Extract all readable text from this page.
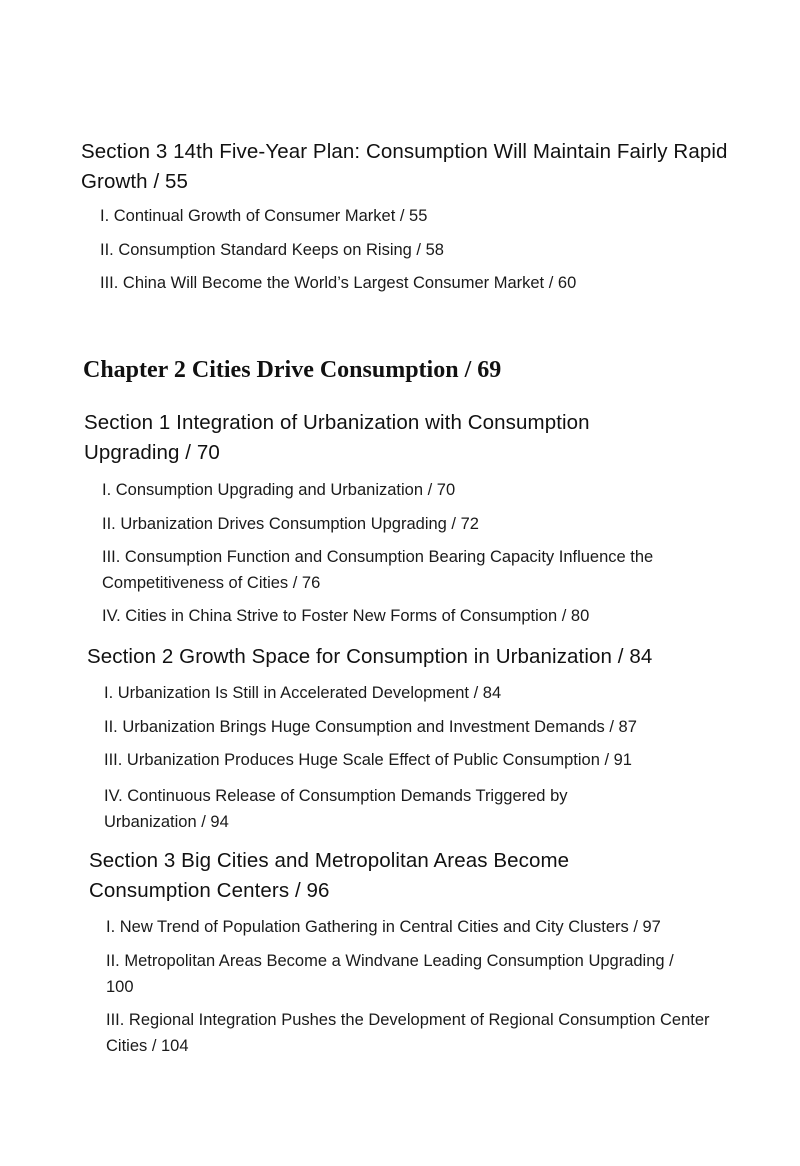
Section 3 14th Five-Year Plan: Consumption Will Maintain Fairly Rapid Growth / 55
I. Continual Growth of Consumer Market / 55
II. Consumption Standard Keeps on Rising / 58
III. China Will Become the World’s Largest Consumer Market / 60
Chapter 2 Cities Drive Consumption / 69
Section 1 Integration of Urbanization with Consumption Upgrading / 70
I. Consumption Upgrading and Urbanization / 70
II. Urbanization Drives Consumption Upgrading / 72
III. Consumption Function and Consumption Bearing Capacity Influence the Competitiveness of Cities / 76
IV. Cities in China Strive to Foster New Forms of Consumption / 80
Section 2 Growth Space for Consumption in Urbanization / 84
I. Urbanization Is Still in Accelerated Development / 84
II. Urbanization Brings Huge Consumption and Investment Demands / 87
III. Urbanization Produces Huge Scale Effect of Public Consumption / 91
IV. Continuous Release of Consumption Demands Triggered by Urbanization / 94
Section 3 Big Cities and Metropolitan Areas Become Consumption Centers / 96
I. New Trend of Population Gathering in Central Cities and City Clusters / 97
II. Metropolitan Areas Become a Windvane Leading Consumption Upgrading / 100
III. Regional Integration Pushes the Development of Regional Consumption Center Cities / 104
